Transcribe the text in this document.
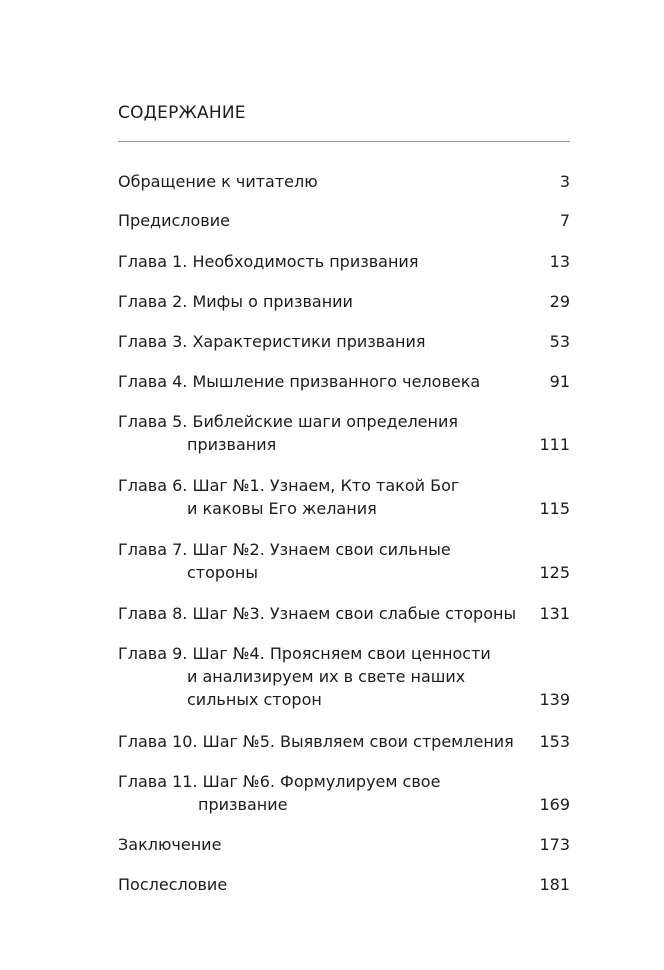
СОДЕРЖАНИЕ
Обращение к читателю .....	3
Предисловие .....	7
Глава 1. Необходимость призвания .....	13
Глава 2. Мифы о призвании .....	29
Глава 3. Характеристики призвания .....	53
Глава 4. Мышление призванного человека .....	91
Глава 5. Библейские шаги определения
призвания .....	111
Глава 6. Шаг №1. Узнаем, Кто такой Бог
и каковы Его желания .....	115
Глава 7. Шаг №2. Узнаем свои сильные
стороны .....	125
Глава 8. Шаг №3. Узнаем свои слабые стороны ..... 131
Глава 9. Шаг №4. Проясняем свои ценности
и анализируем их в свете наших
сильных сторон .....	139
Глава 10. Шаг №5. Выявляем свои стремления ..... 153
Глава 11. Шаг №6. Формулируем свое
призвание .....	169
Заключение .....	173
Послесловие .....	181
